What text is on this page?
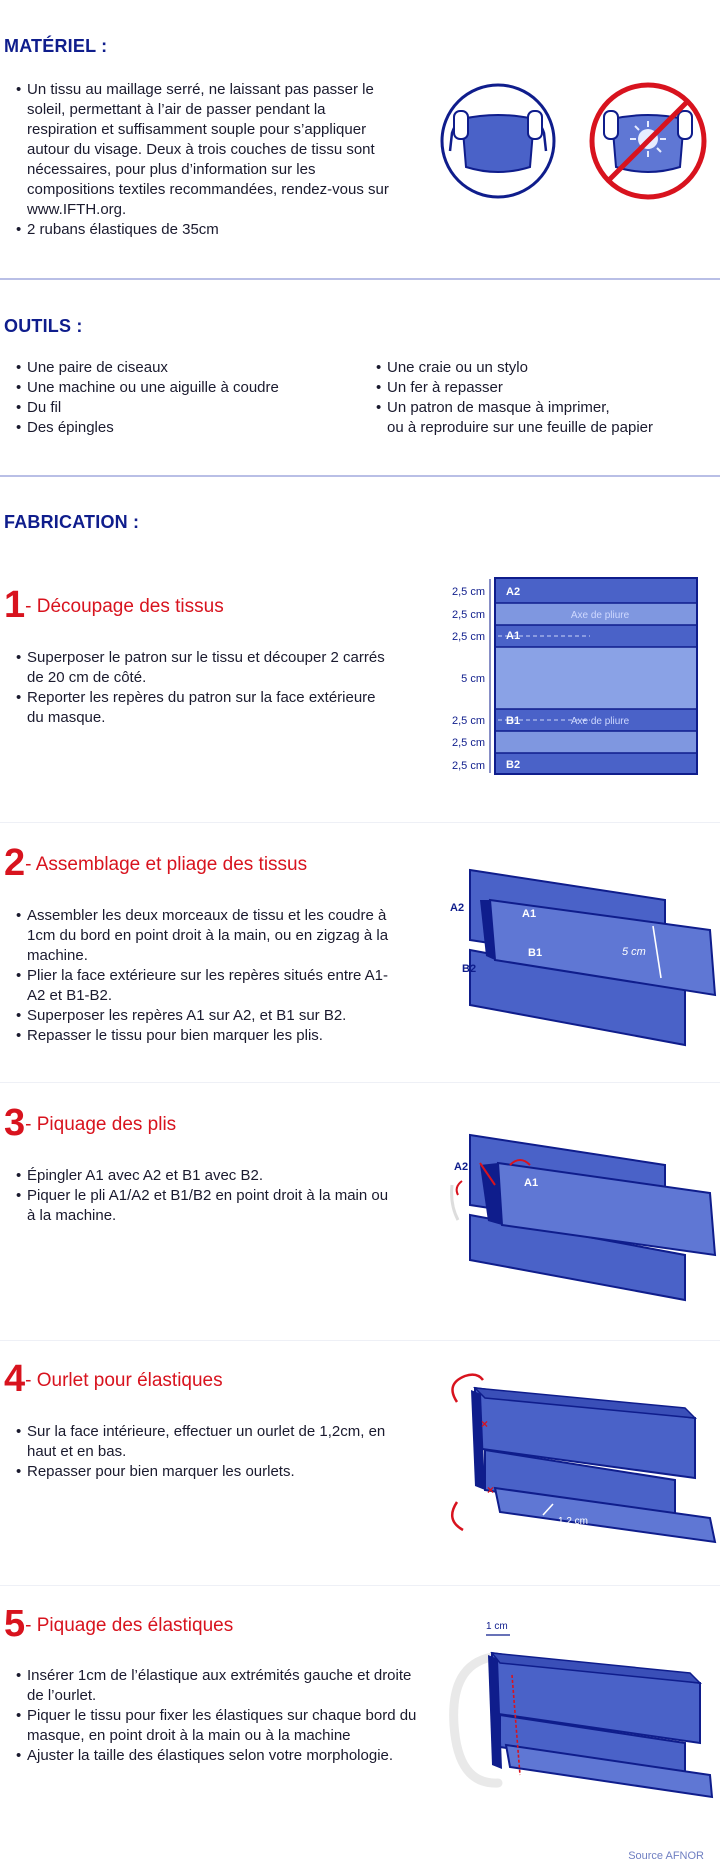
MATÉRIEL :
• Un tissu au maillage serré, ne laissant pas passer le soleil, permettant à l’air de passer pendant la respiration et suffisamment souple pour s’appliquer autour du visage. Deux à trois couches de tissu sont nécessaires, pour plus d’information sur les compositions textiles recommandées, rendez-vous sur www.IFTH.org.
• 2 rubans élastiques de 35cm
OUTILS :
• Une paire de ciseaux
• Une machine ou une aiguille à coudre
• Du fil
• Des épingles
• Une craie ou un stylo
• Un fer à repasser
• Un patron de masque à imprimer,
ou à reproduire sur une feuille de papier
FABRICATION :
1- Découpage des tissus
• Superposer le patron sur le tissu et découper 2 carrés de 20 cm de côté.
• Reporter les repères du patron sur la face extérieure du masque.
A2
A1
B1
B2
Axe de pliure
Axe de pliure
2,5 cm
2,5 cm
2,5 cm
5 cm
2,5 cm
2,5 cm
2,5 cm
2- Assemblage et pliage des tissus
• Assembler les deux morceaux de tissu et les coudre à 1cm du bord en point droit à la main, ou en zigzag à la machine.
• Plier la face extérieure sur les repères situés entre A1-A2 et B1-B2.
• Superposer les repères A1 sur A2, et B1 sur B2.
• Repasser le tissu pour bien marquer les plis.
A2	A1
B1
B2
5 cm
3- Piquage des plis
• Épingler A1 avec A2 et B1 avec B2.
• Piquer le pli A1/A2 et B1/B2 en point droit à la main ou à la machine.
A2
A1
4- Ourlet pour élastiques
• Sur la face intérieure, effectuer un ourlet de 1,2cm, en haut et en bas.
• Repasser pour bien marquer les ourlets.
×
×
1,2 cm
5- Piquage des élastiques
• Insérer 1cm de l’élastique aux extrémités gauche et droite de l’ourlet.
• Piquer le tissu pour fixer les élastiques sur chaque bord du masque, en point droit à la main ou à la machine
• Ajuster la taille des élastiques selon votre morphologie.
1 cm
Source AFNOR
